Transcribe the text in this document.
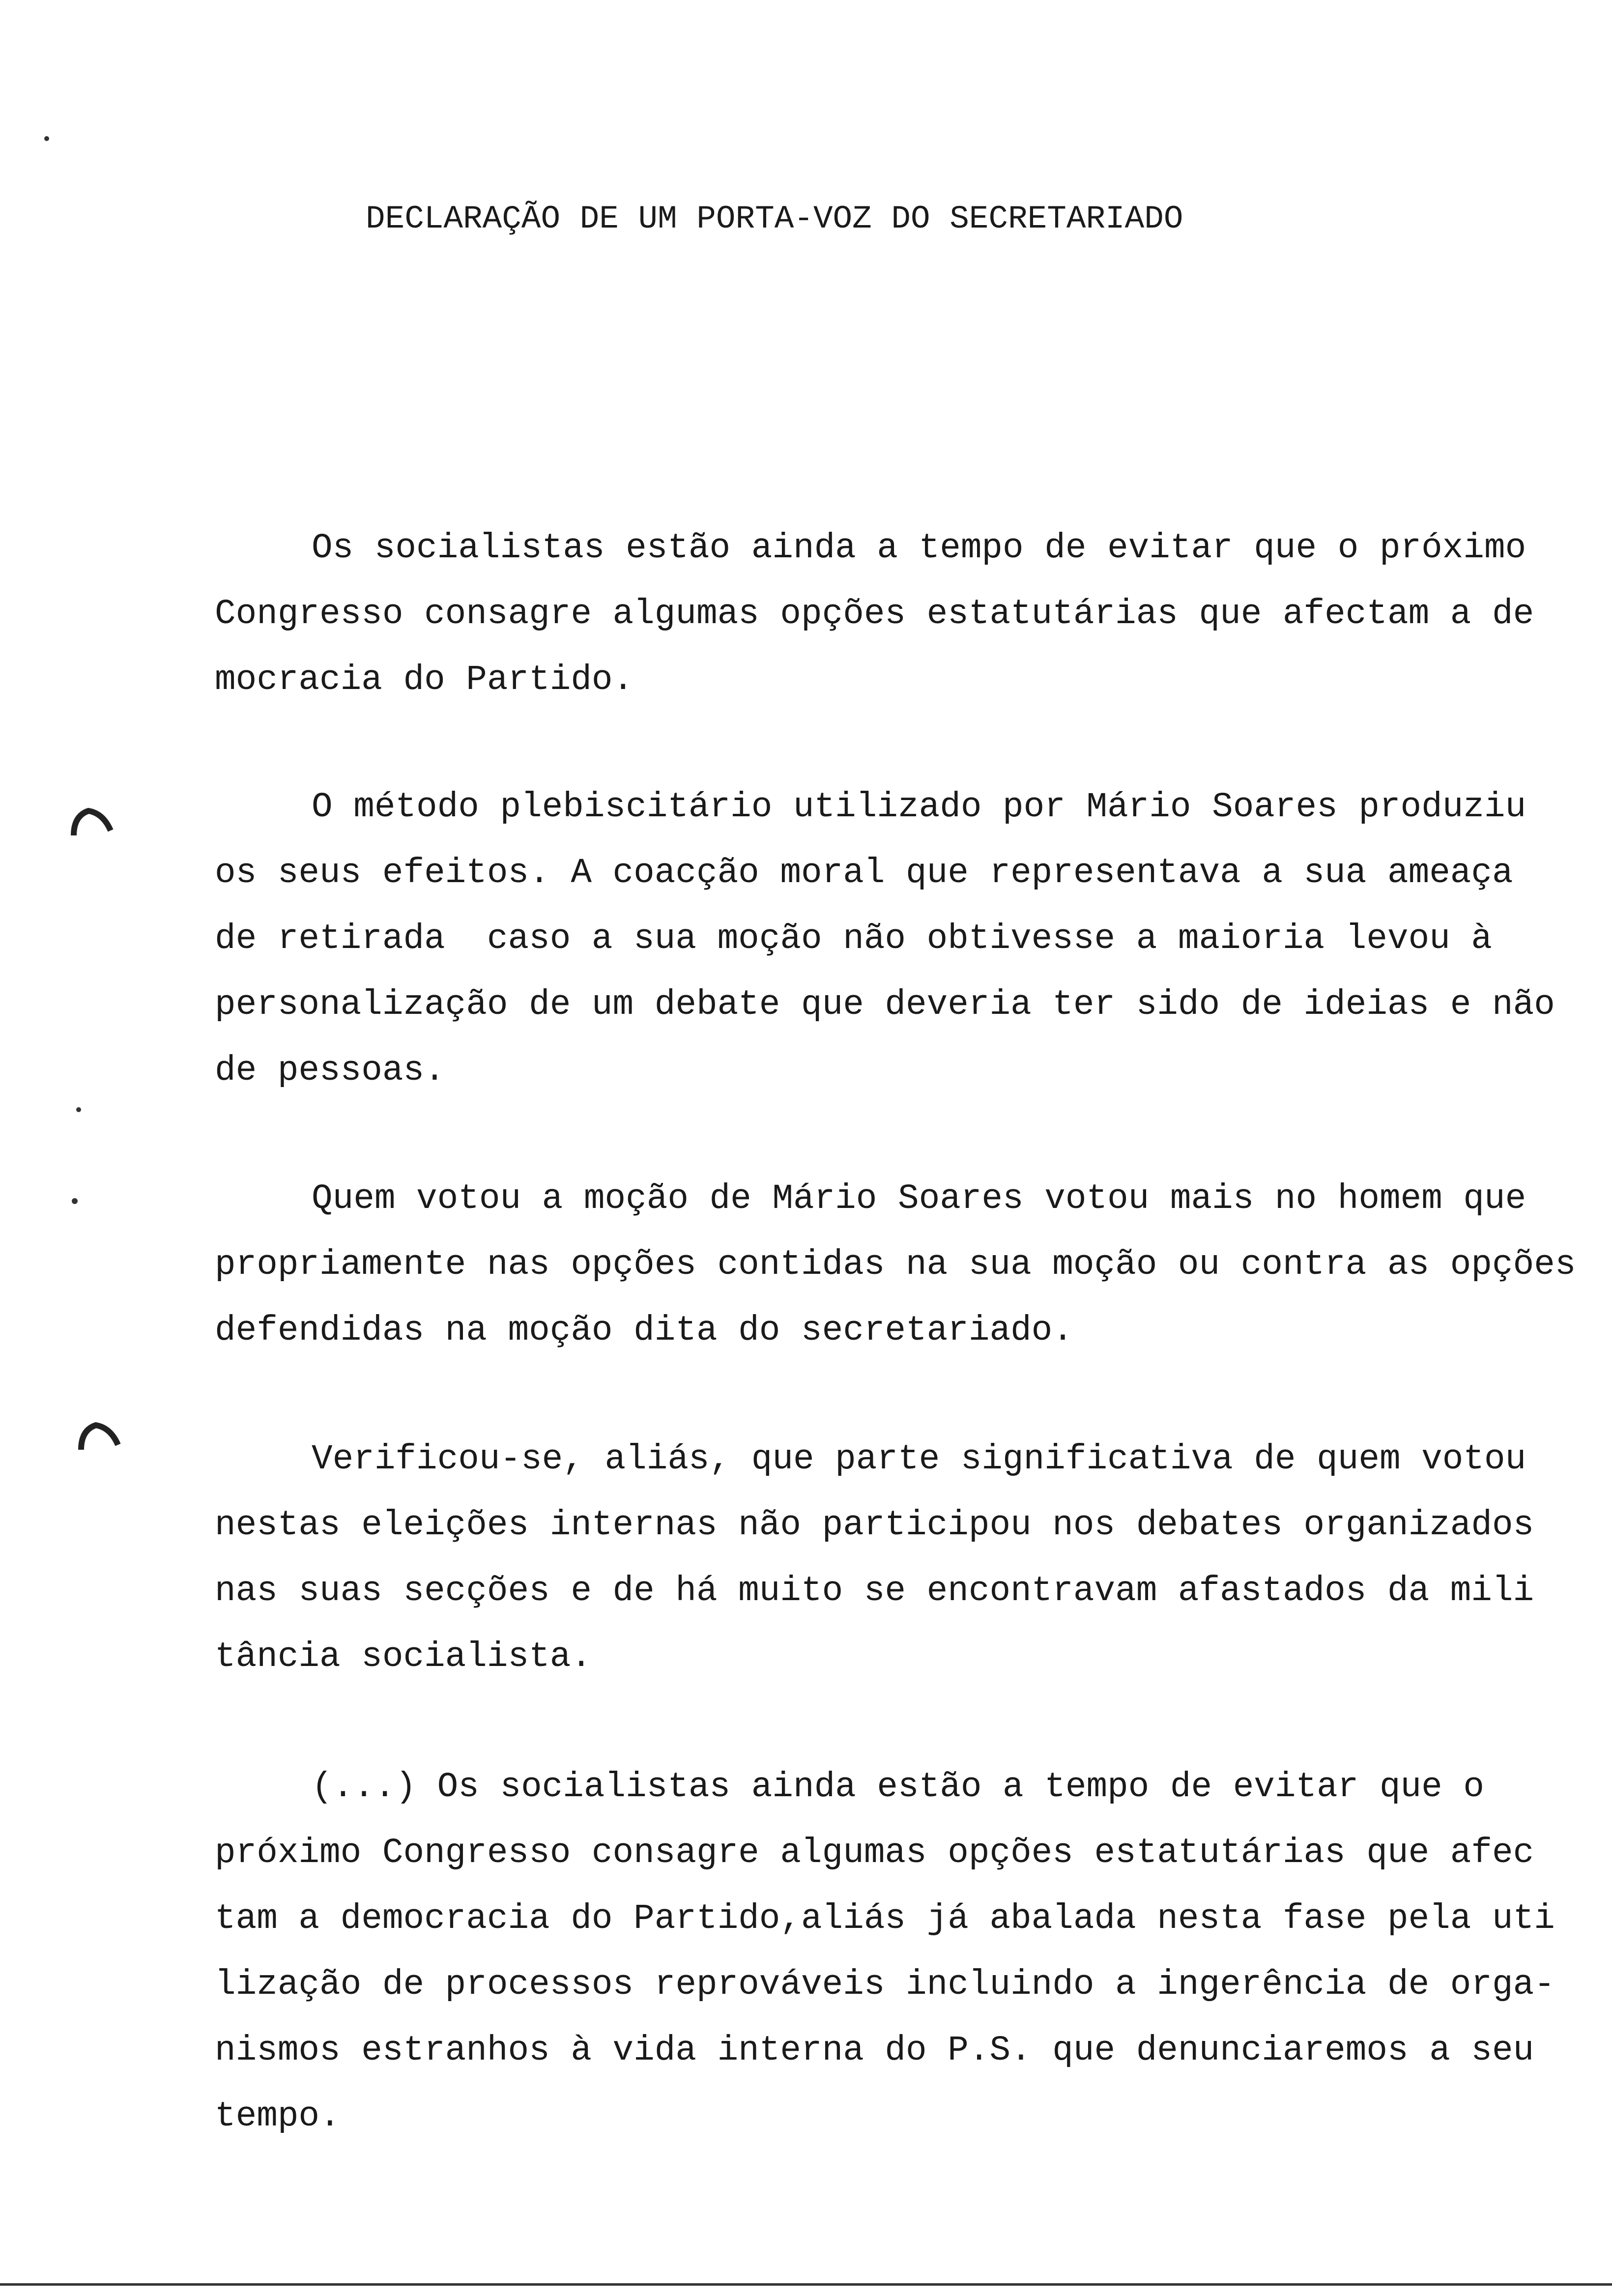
DECLARAÇÃO DE UM PORTA-VOZ DO SECRETARIADO
Os socialistas estão ainda a tempo de evitar que o próximo
Congresso consagre algumas opções estatutárias que afectam a de
mocracia do Partido.
O método plebiscitário utilizado por Mário Soares produziu
os seus efeitos. A coacção moral que representava a sua ameaça
de retirada  caso a sua moção não obtivesse a maioria levou à
personalização de um debate que deveria ter sido de ideias e não
de pessoas.
Quem votou a moção de Mário Soares votou mais no homem que
propriamente nas opções contidas na sua moção ou contra as opções
defendidas na moção dita do secretariado.
Verificou-se, aliás, que parte significativa de quem votou
nestas eleições internas não participou nos debates organizados
nas suas secções e de há muito se encontravam afastados da mili
tância socialista.
(...) Os socialistas ainda estão a tempo de evitar que o
próximo Congresso consagre algumas opções estatutárias que afec
tam a democracia do Partido,aliás já abalada nesta fase pela uti
lização de processos reprováveis incluindo a ingerência de orga-
nismos estranhos à vida interna do P.S. que denunciaremos a seu
tempo.
